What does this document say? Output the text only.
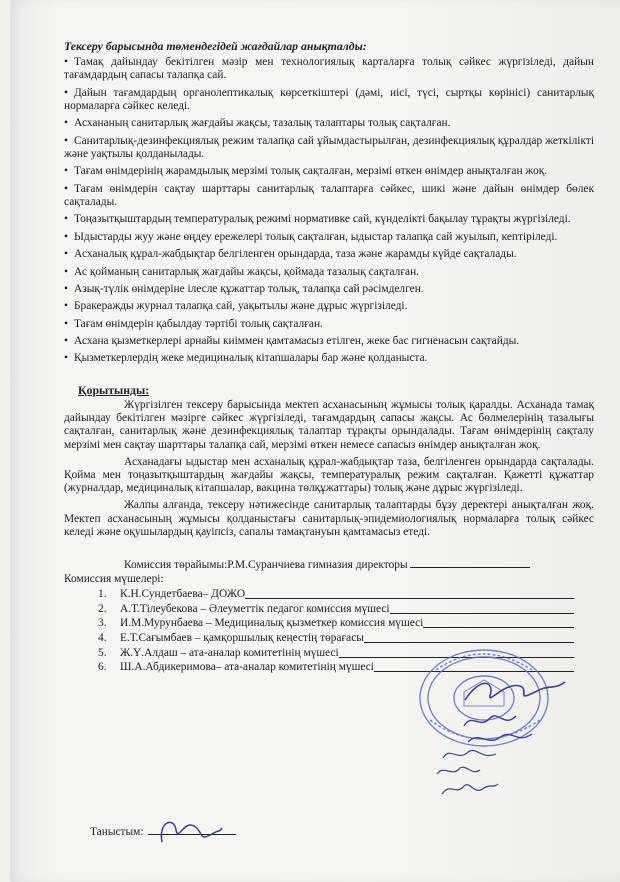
Тексеру барысында төмендегідей жағдайлар анықталды:
• Тамақ дайындау бекітілген мәзір мен технологиялық карталарға толық сәйкес жүргізіледі, дайын тағамдардың сапасы талапқа сай.
• Дайын тағамдардың органолептикалық көрсеткіштері (дәмі, иісі, түсі, сыртқы көрінісі) санитарлық нормаларға сәйкес келеді.
• Асхананың санитарлық жағдайы жақсы, тазалық талаптары толық сақталған.
• Санитарлық-дезинфекциялық режим талапқа сай ұйымдастырылған, дезинфекциялық құралдар жеткілікті және уақтылы қолданылады.
• Тағам өнімдерінің жарамдылық мерзімі толық сақталған, мерзімі өткен өнімдер анықталған жоқ.
• Тағам өнімдерін сақтау шарттары санитарлық талаптарға сәйкес, шикі және дайын өнімдер бөлек сақталады.
• Тоңазытқыштардың температуралық режимі нормативке сай, күнделікті бақылау тұрақты жүргізіледі.
• Ыдыстарды жуу және өңдеу ережелері толық сақталған, ыдыстар талапқа сай жуылып, кептіріледі.
• Асханалық құрал-жабдықтар белгіленген орындарда, таза және жарамды күйде сақталады.
• Ас қойманың санитарлық жағдайы жақсы, қоймада тазалық сақталған.
• Азық-түлік өнімдеріне ілесле құжаттар толық, талапқа сай рәсімделген.
• Бракеражды журнал талапқа сай, уақытылы және дұрыс жүргізіледі.
• Тағам өнімдерін қабылдау тәртібі толық сақталған.
• Асхана қызметкерлері арнайы киіммен қамтамасыз етілген, жеке бас гигиенасын сақтайды.
• Қызметкерлердің жеке медициналық кітапшалары бар және қолданыста.
Қорытынды:

Жүргізілген тексеру барысында мектеп асханасының жұмысы толық қаралды. Асханада тамақ дайындау бекітілген мәзірге сәйкес жүргізіледі, тағамдардың сапасы жақсы. Ас бөлмелерінің тазалығы сақталған, санитарлық және дезинфекциялық талаптар тұрақты орындалады. Тағам өнімдерінің сақталу мерзімі мен сақтау шарттары талапқа сай, мерзімі өткен немесе сапасыз өнімдер анықталған жоқ.

Асханадағы ыдыстар мен асханалық құрал-жабдықтар таза, белгіленген орындарда сақталады. Қойма мен тоңазытқыштардың жағдайы жақсы, температуралық режим сақталған. Қажетті құжаттар (журналдар, медициналық кітапшалар, вакцина төлқұжаттары) толық және дұрыс жүргізіледі.

Жалпы алғанда, тексеру нәтижесінде санитарлық талаптарды бұзу деректері анықталған жоқ. Мектеп асханасының жұмысы қолданыстағы санитарлық-эпидемиологиялық нормаларға толық сәйкес келеді және оқушылардың қауіпсіз, сапалы тамақтануын қамтамасыз етеді.

Комиссия төрайымы:Р.М.Суранчиева гимназия директоры
Комиссия мүшелері:
1.	К.Н.Сундетбаева– ДОЖО
2.	А.Т.Тілеубекова – Әлеуметтік педагог комиссия мүшесі
3.	И.М.Мурунбаева – Медициналық қызметкер комиссия мүшесі
4.	Е.Т.Сағымбаев – қамқоршылық кеңестің төрағасы
5.	Ж.Ү.Алдаш – ата-аналар комитетінің мүшесі
6.	Ш.А.Абдикеримова– ата-аналар комитетінің мүшесі
Таныстым:
